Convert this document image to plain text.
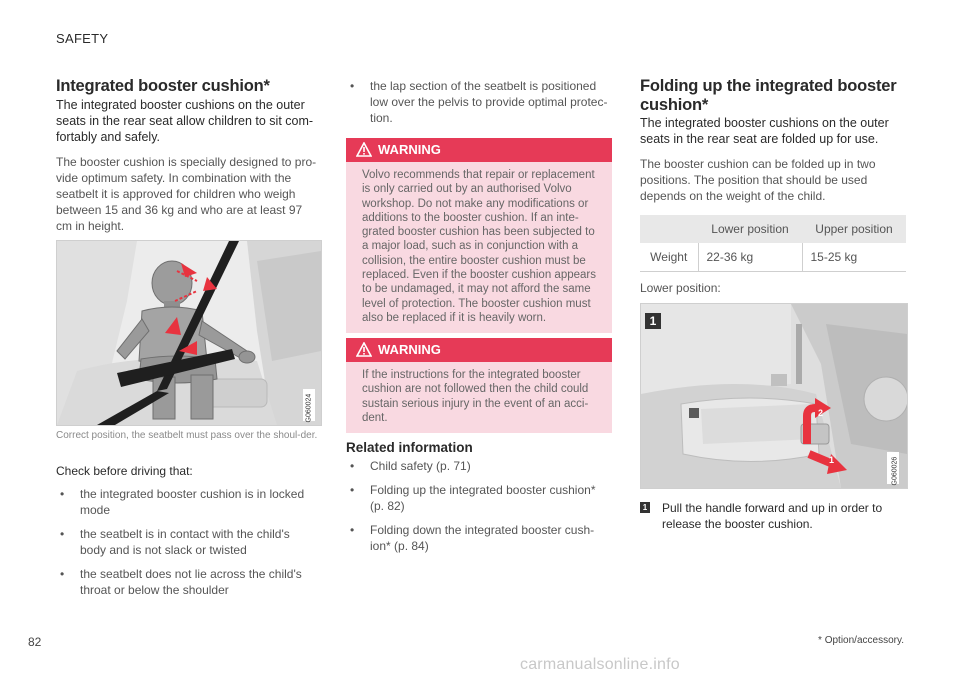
SAFETY
Integrated booster cushion*

The integrated booster cushions on the outer seats in the rear seat allow children to sit com-fortably and safely.

The booster cushion is specially designed to pro-vide optimum safety. In combination with the seatbelt it is approved for children who weigh between 15 and 36 kg and who are at least 97 cm in height.

G060024

Correct position, the seatbelt must pass over the shoul-der.

Check before driving that:

• the integrated booster cushion is in locked mode
• the seatbelt is in contact with the child's body and is not slack or twisted
• the seatbelt does not lie across the child's throat or below the shoulder
• the lap section of the seatbelt is positioned low over the pelvis to provide optimal protec-tion.
WARNING
Volvo recommends that repair or replacement is only carried out by an authorised Volvo workshop. Do not make any modifications or additions to the booster cushion. If an inte-grated booster cushion has been subjected to a major load, such as in conjunction with a collision, the entire booster cushion must be replaced. Even if the booster cushion appears to be undamaged, it may not afford the same level of protection. The booster cushion must also be replaced if it is heavily worn.
WARNING
If the instructions for the integrated booster cushion are not followed then the child could sustain serious injury in the event of an acci-dent.
Related information
• Child safety (p. 71)
• Folding up the integrated booster cushion* (p. 82)
• Folding down the integrated booster cush-ion* (p. 84)
Folding up the integrated booster cushion*

The integrated booster cushions on the outer seats in the rear seat are folded up for use.

The booster cushion can be folded up in two positions. The position that should be used depends on the weight of the child.

	Lower position	Upper position
Weight	22-36 kg	15-25 kg

Lower position:

1
2
1	G060026
1 Pull the handle forward and up in order to release the booster cushion.

82	* Option/accessory.
carmanualsonline.info
